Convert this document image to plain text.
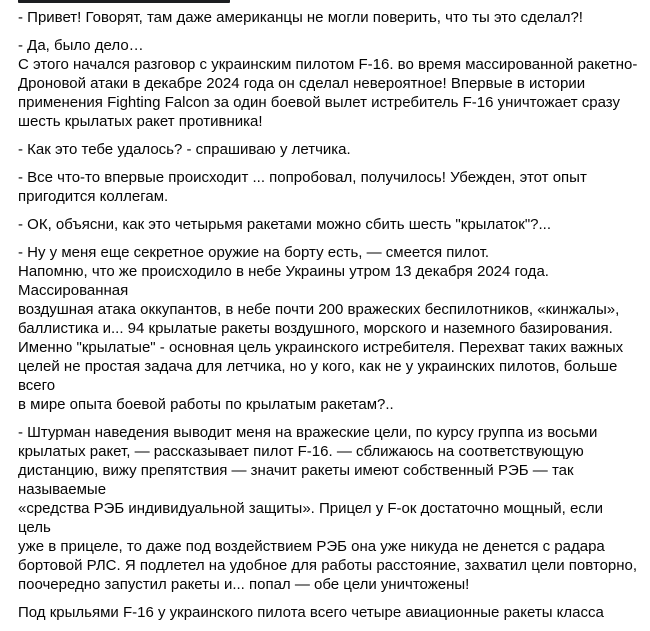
- Привет! Говорят, там даже американцы не могли поверить, что ты это сделал?!

- Да, было дело…
С этого начался разговор с украинским пилотом F-16. во время массированной ракетно-
Дроновой атаки в декабре 2024 года он сделал невероятное! Впервые в истории
применения Fighting Falcon за один боевой вылет истребитель F-16 уничтожает сразу
шесть крылатых ракет противника!

- Как это тебе удалось? - спрашиваю у летчика.

- Все что-то впервые происходит ... попробовал, получилось! Убежден, этот опыт
пригодится коллегам.

- ОК, объясни, как это четырьмя ракетами можно сбить шесть "крылаток"?...

- Ну у меня еще секретное оружие на борту есть, — смеется пилот.
Напомню, что же происходило в небе Украины утром 13 декабря 2024 года. Массированная
воздушная атака оккупантов, в небе почти 200 вражеских беспилотников, «кинжалы»,
баллистика и... 94 крылатые ракеты воздушного, морского и наземного базирования.
Именно "крылатые" - основная цель украинского истребителя. Перехват таких важных
целей не простая задача для летчика, но у кого, как не у украинских пилотов, больше всего
в мире опыта боевой работы по крылатым ракетам?..

- Штурман наведения выводит меня на вражеские цели, по курсу группа из восьми
крылатых ракет, — рассказывает пилот F-16. — сближаюсь на соответствующую
дистанцию, вижу препятствия — значит ракеты имеют собственный РЭБ — так называемые
«средства РЭБ индивидуальной защиты». Прицел у F-ок достаточно мощный, если цель
уже в прицеле, то даже под воздействием РЭБ она уже никуда не денется с радара
бортовой РЛС. Я подлетел на удобное для работы расстояние, захватил цели повторно,
поочередно запустил ракеты и... попал — обе цели уничтожены!

Под крыльями F-16 у украинского пилота всего четыре авиационные ракеты класса
